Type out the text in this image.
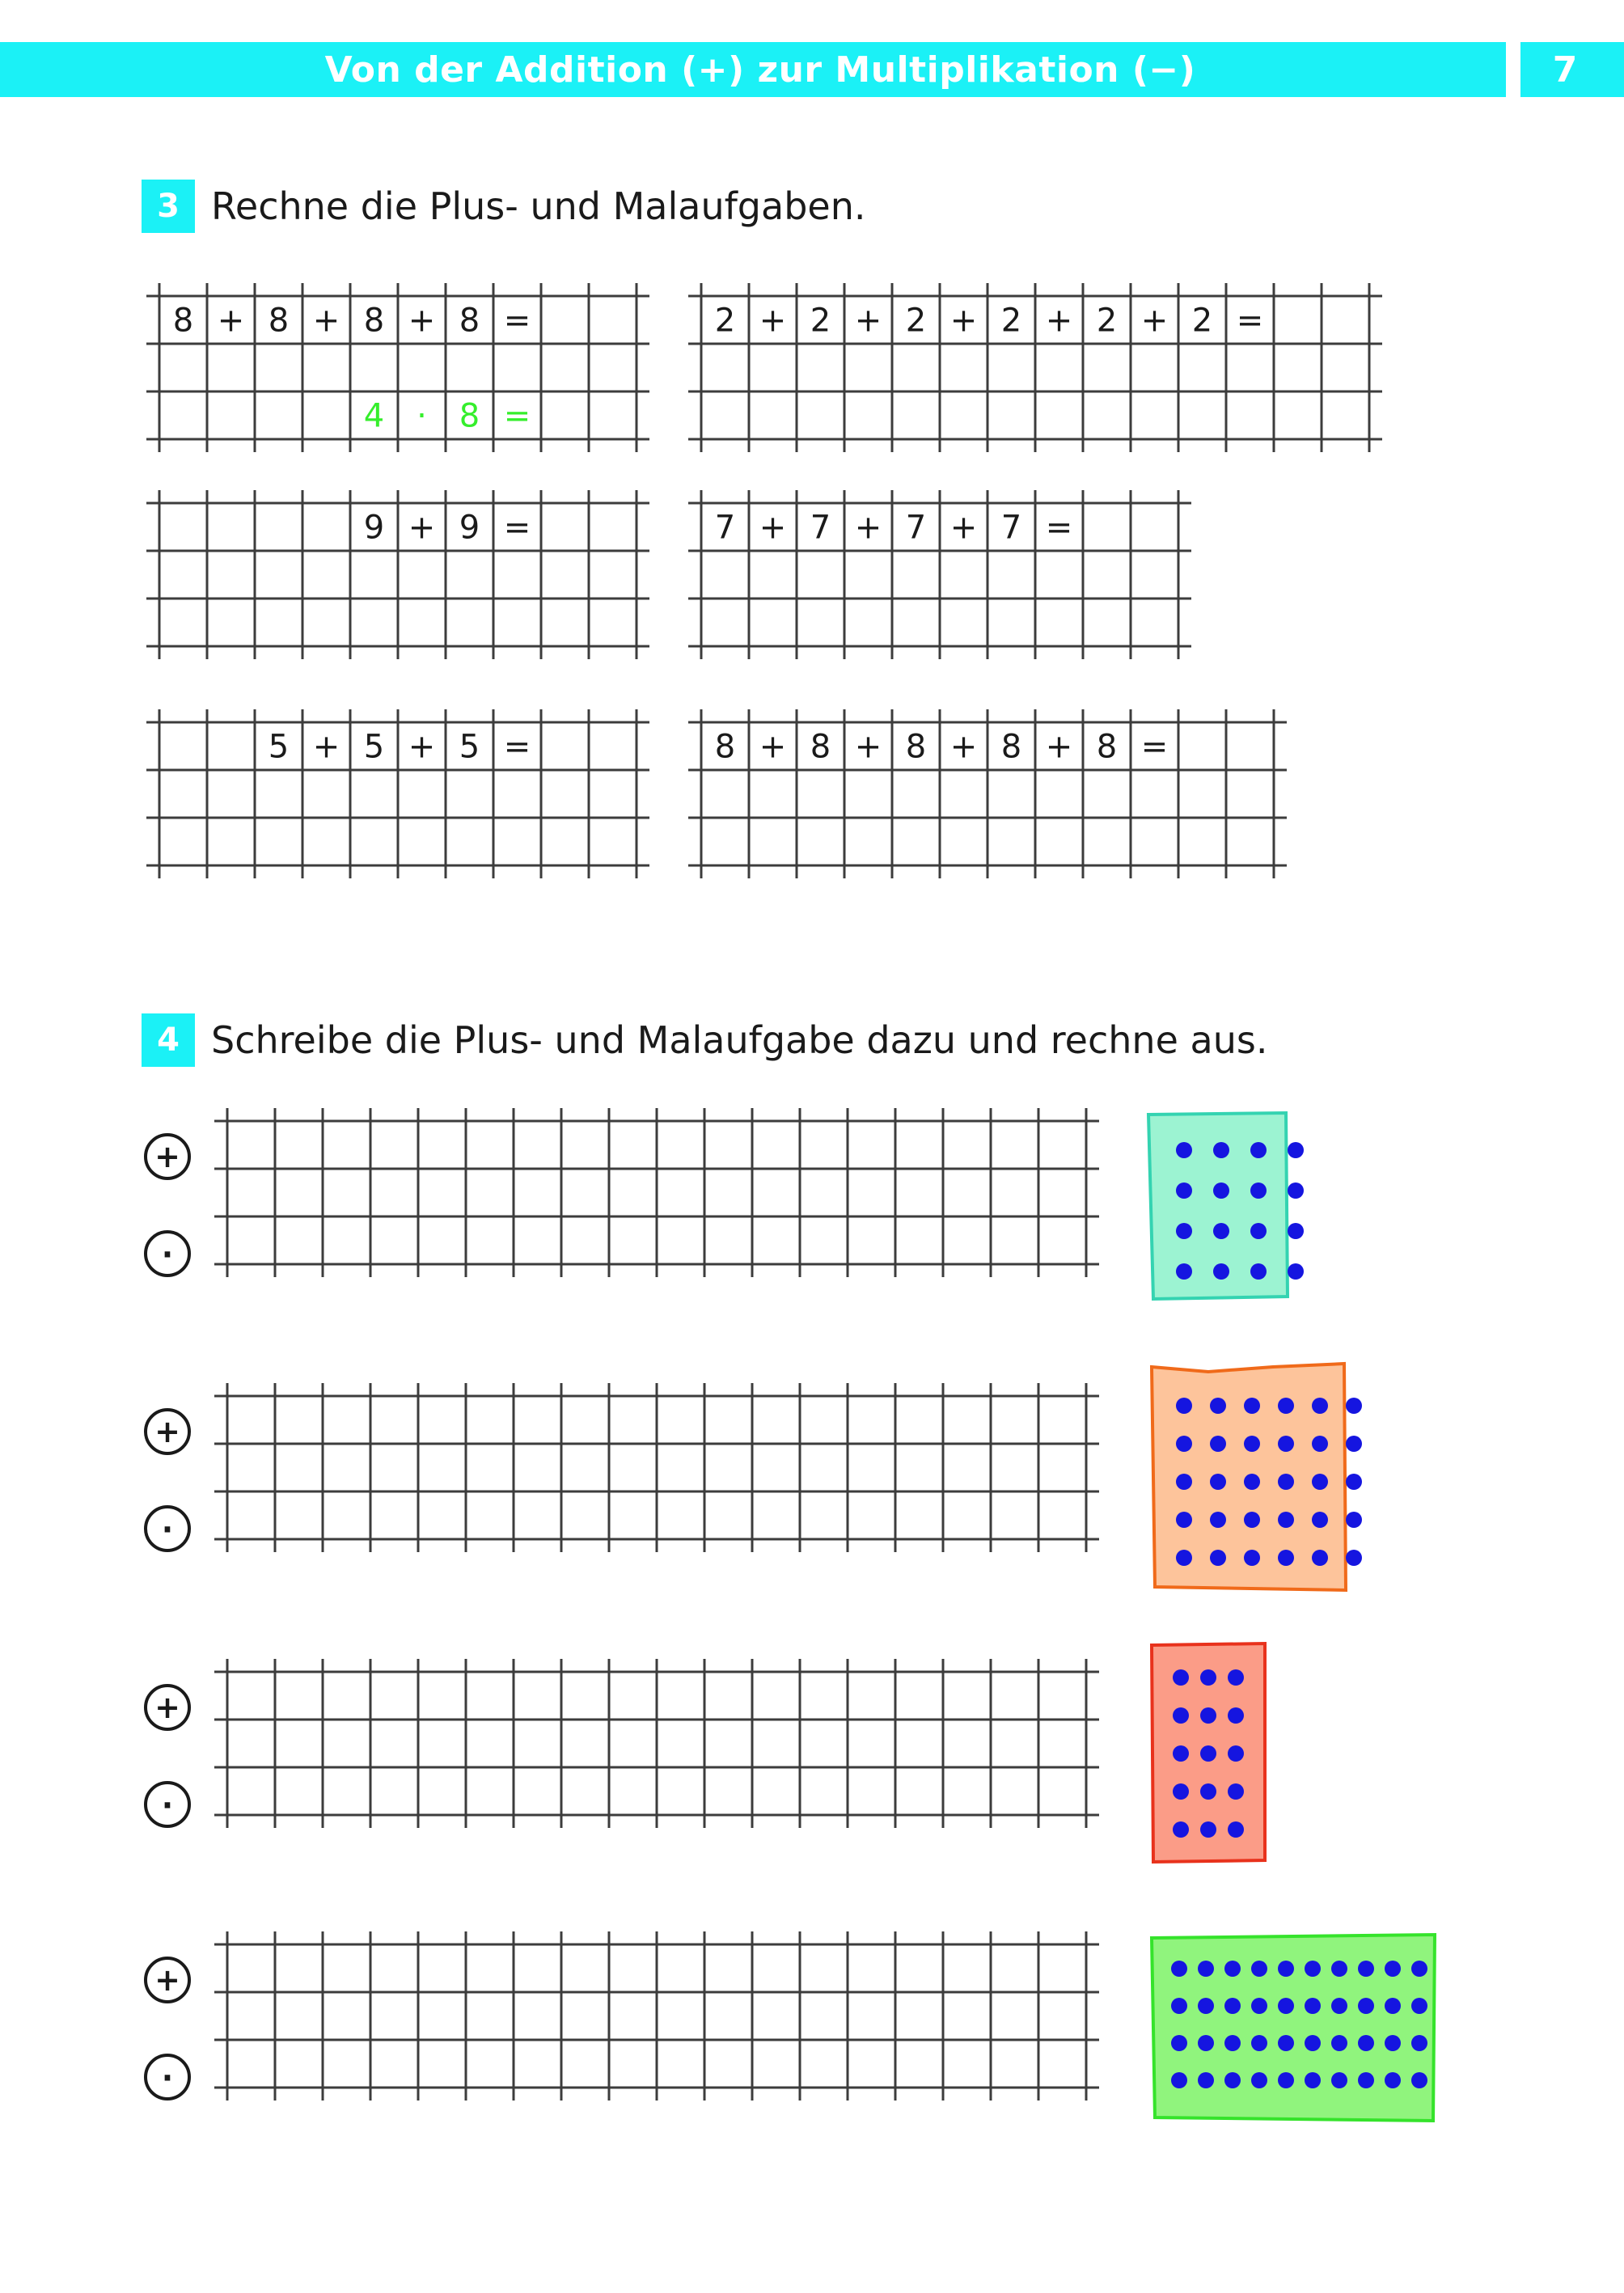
Von der Addition (+) zur Multiplikation (−)	7
3 Rechne die Plus- und Malaufgaben.
4 Schreibe die Plus- und Malaufgabe dazu und rechne aus.
8 + 8 + 8 + 8 =
4 · 8 =
2 + 2 + 2 + 2 + 2 + 2 =
9 + 9 =	7 + 7 + 7 + 7 =
5 + 5 + 5 =	8 + 8 + 8 + 8 + 8 =
+
·
+
·
+
·
+
·
